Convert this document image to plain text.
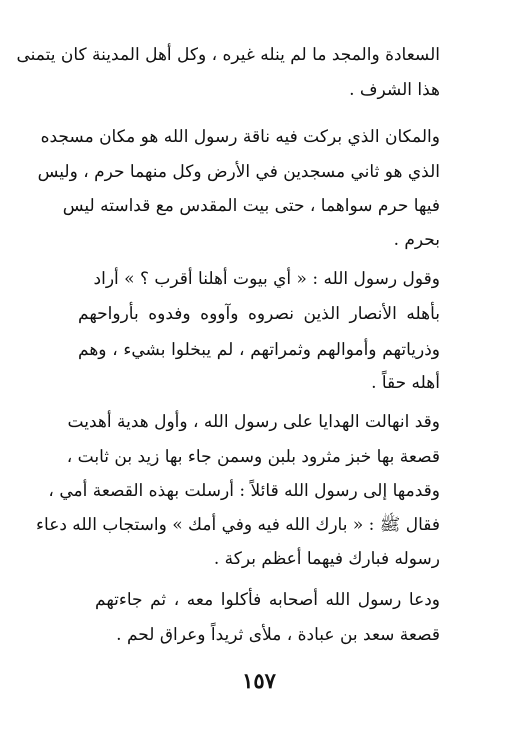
السعادة والمجد ما لم ينله غيره ، وكل أهل المدينة كان يتمنى
هذا الشرف .
والمكان الذي بركت فيه ناقة رسول الله هو مكان مسجده
الذي هو ثاني مسجدين في الأرض وكل منهما حرم ، وليس
فيها حرم سواهما ، حتى بيت المقدس مع قداسته ليس
بحرم .
وقول رسول الله : « أي بيوت أهلنا أقرب ؟ » أراد
بأهله الأنصار الذين نصروه وآووه وفدوه بأرواحهم
وذرياتهم وأموالهم وثمراتهم ، لم يبخلوا بشيء ، وهم
أهله حقاً .
وقد انهالت الهدايا على رسول الله ، وأول هدية أهديت
قصعة بها خبز مثرود بلبن وسمن جاء بها زيد بن ثابت ،
وقدمها إلى رسول الله قائلاً : أرسلت بهذه القصعة أمي ،
فقال ﷺ : « بارك الله فيه وفي أمك » واستجاب الله دعاء
رسوله فبارك فيهما أعظم بركة .
ودعا رسول الله أصحابه فأكلوا معه ، ثم جاءتهم
قصعة سعد بن عبادة ، ملأى ثريداً وعراق لحم .
١٥٧
